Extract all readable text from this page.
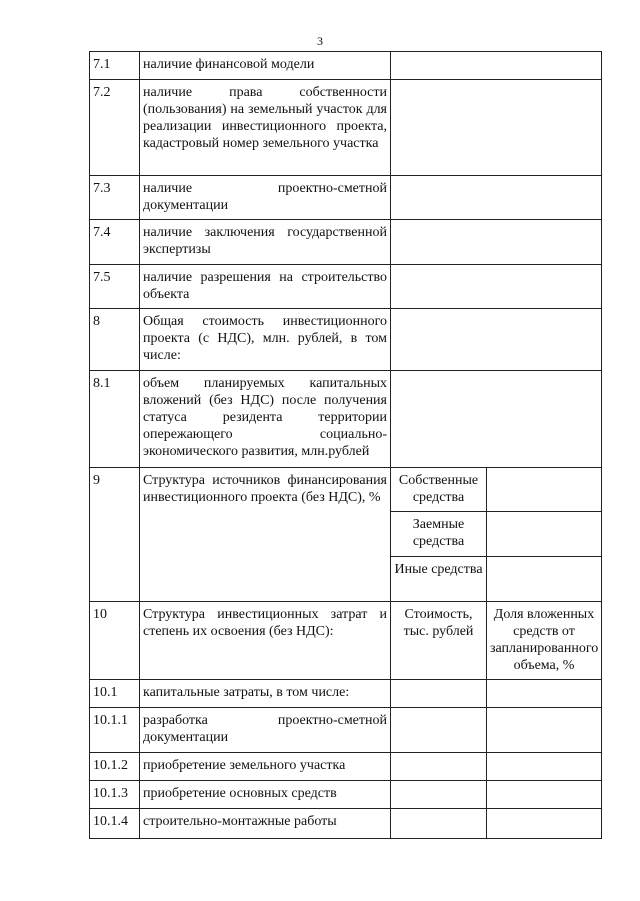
3
7.1	наличие финансовой модели		
7.2	наличие права собственности (пользования) на земельный участок для реализации инвестиционного проекта, кадастровый номер земельного участка		
7.3	наличие проектно-сметной документации		
7.4	наличие заключения государственной экспертизы		
7.5	наличие разрешения на строительство объекта		
8	Общая стоимость инвестиционного проекта (с НДС), млн. рублей, в том числе:		
8.1	объем планируемых капитальных вложений (без НДС) после получения статуса резидента территории опережающего социально-экономического развития, млн.рублей		
9	Структура источников финансирования инвестиционного проекта (без НДС), %	Собственные средства	
		Заемные средства	
		Иные средства	
10	Структура инвестиционных затрат и степень их освоения (без НДС):	Стоимость, тыс. рублей	Доля вложенных средств от запланированного объема, %
10.1	капитальные затраты, в том числе:		
10.1.1	разработка проектно-сметной документации		
10.1.2	приобретение земельного участка		
10.1.3	приобретение основных средств		
10.1.4	строительно-монтажные работы		
